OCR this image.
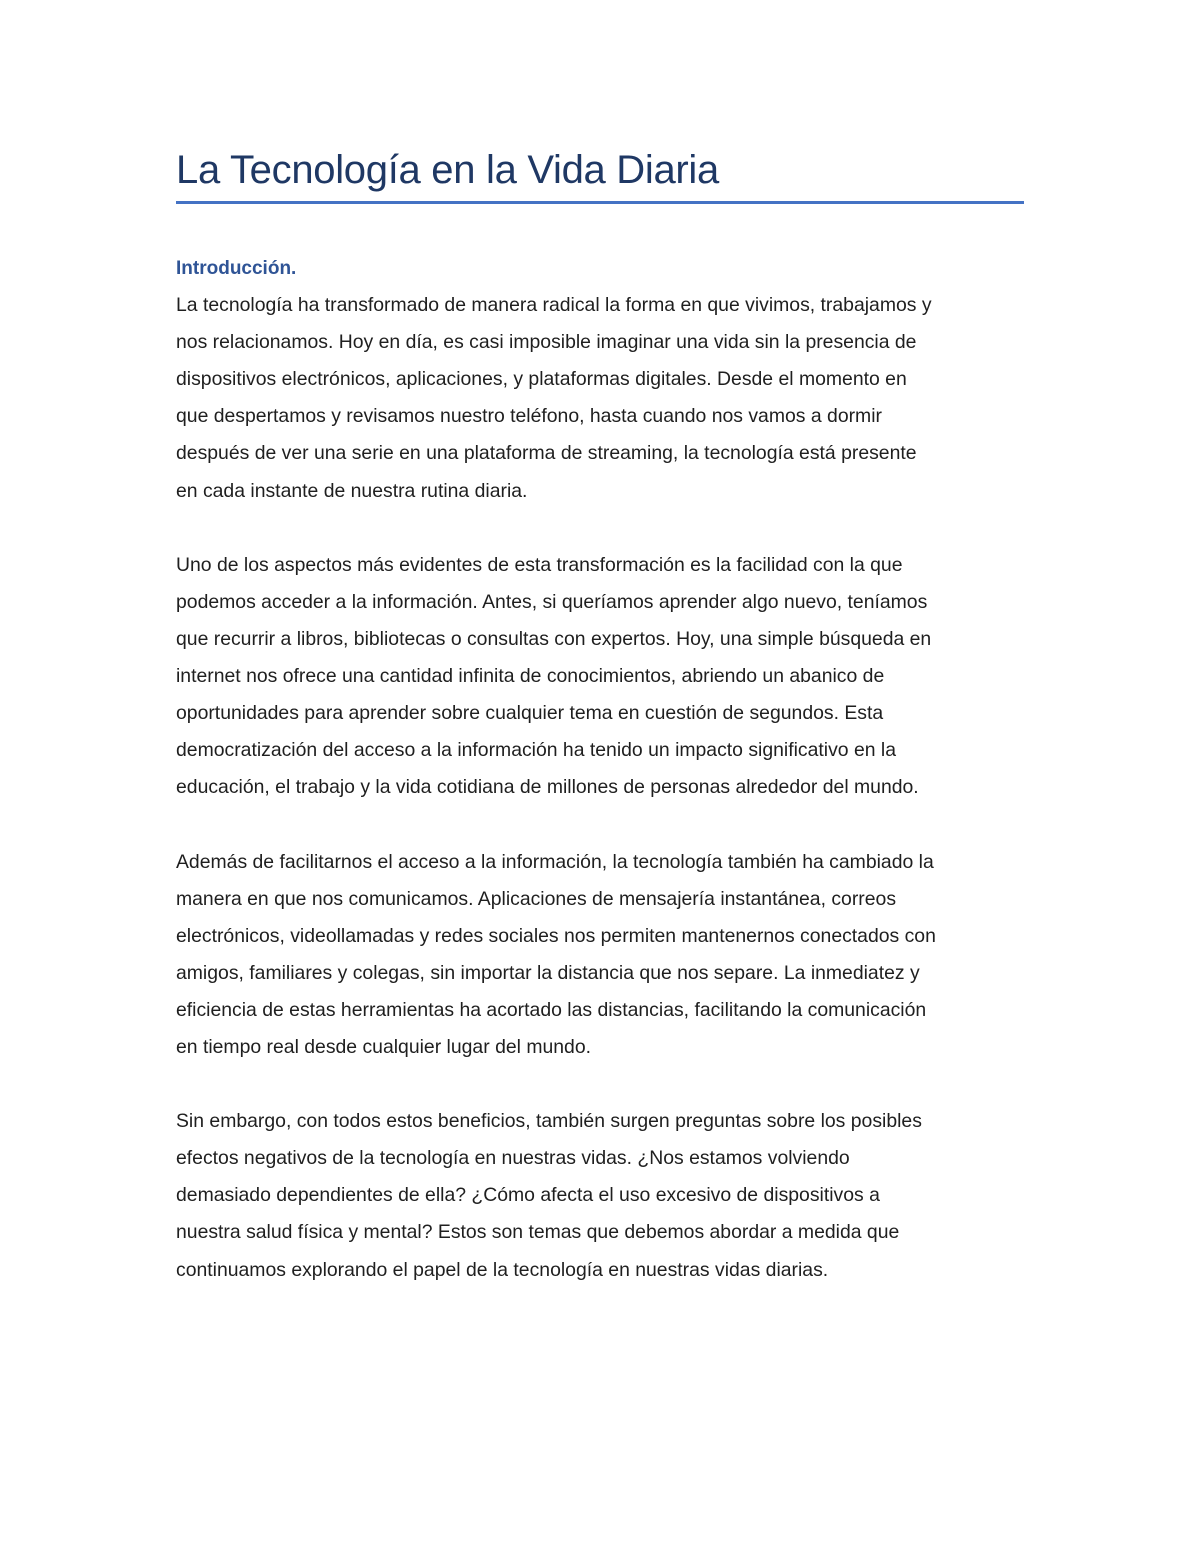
La Tecnología en la Vida Diaria

Introducción.

La tecnología ha transformado de manera radical la forma en que vivimos, trabajamos y
nos relacionamos. Hoy en día, es casi imposible imaginar una vida sin la presencia de
dispositivos electrónicos, aplicaciones, y plataformas digitales. Desde el momento en
que despertamos y revisamos nuestro teléfono, hasta cuando nos vamos a dormir
después de ver una serie en una plataforma de streaming, la tecnología está presente
en cada instante de nuestra rutina diaria.

Uno de los aspectos más evidentes de esta transformación es la facilidad con la que
podemos acceder a la información. Antes, si queríamos aprender algo nuevo, teníamos
que recurrir a libros, bibliotecas o consultas con expertos. Hoy, una simple búsqueda en
internet nos ofrece una cantidad infinita de conocimientos, abriendo un abanico de
oportunidades para aprender sobre cualquier tema en cuestión de segundos. Esta
democratización del acceso a la información ha tenido un impacto significativo en la
educación, el trabajo y la vida cotidiana de millones de personas alrededor del mundo.

Además de facilitarnos el acceso a la información, la tecnología también ha cambiado la
manera en que nos comunicamos. Aplicaciones de mensajería instantánea, correos
electrónicos, videollamadas y redes sociales nos permiten mantenernos conectados con
amigos, familiares y colegas, sin importar la distancia que nos separe. La inmediatez y
eficiencia de estas herramientas ha acortado las distancias, facilitando la comunicación
en tiempo real desde cualquier lugar del mundo.

Sin embargo, con todos estos beneficios, también surgen preguntas sobre los posibles
efectos negativos de la tecnología en nuestras vidas. ¿Nos estamos volviendo
demasiado dependientes de ella? ¿Cómo afecta el uso excesivo de dispositivos a
nuestra salud física y mental? Estos son temas que debemos abordar a medida que
continuamos explorando el papel de la tecnología en nuestras vidas diarias.
